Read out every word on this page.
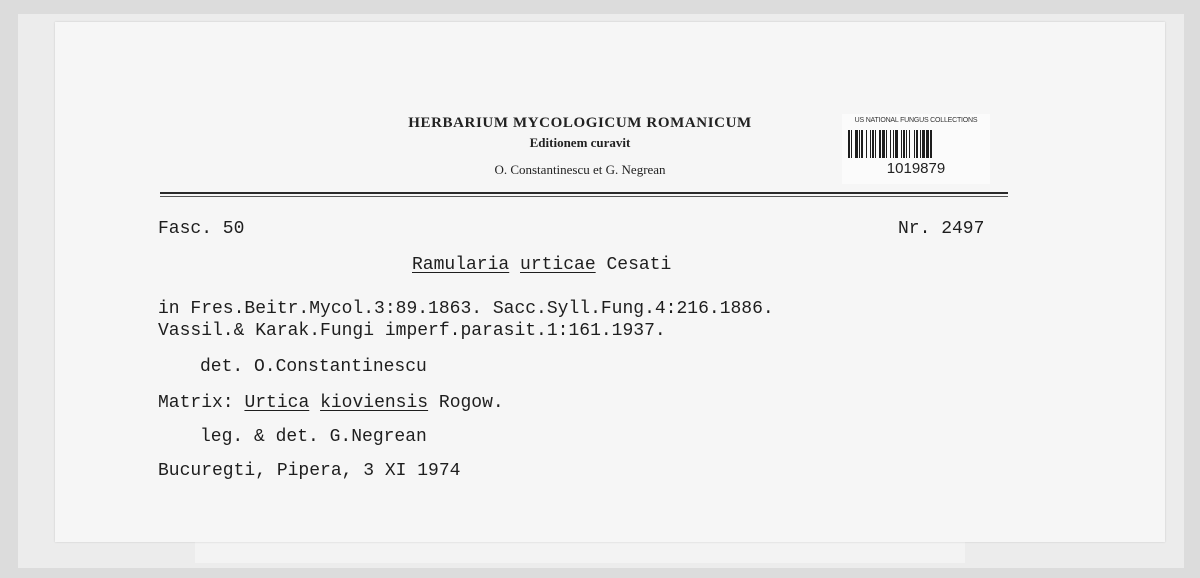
HERBARIUM MYCOLOGICUM ROMANICUM
Editionem curavit
O. Constantinescu et G. Negrean
US NATIONAL FUNGUS COLLECTIONS
1019879
Fasc. 50	Nr. 2497
Ramularia urticae Cesati
in Fres.Beitr.Mycol.3:89.1863. Sacc.Syll.Fung.4:216.1886.
Vassil.& Karak.Fungi imperf.parasit.1:161.1937.
det. O.Constantinescu
Matrix: Urtica kioviensis Rogow.
leg. & det. G.Negrean
Bucuregti, Pipera, 3 XI 1974
